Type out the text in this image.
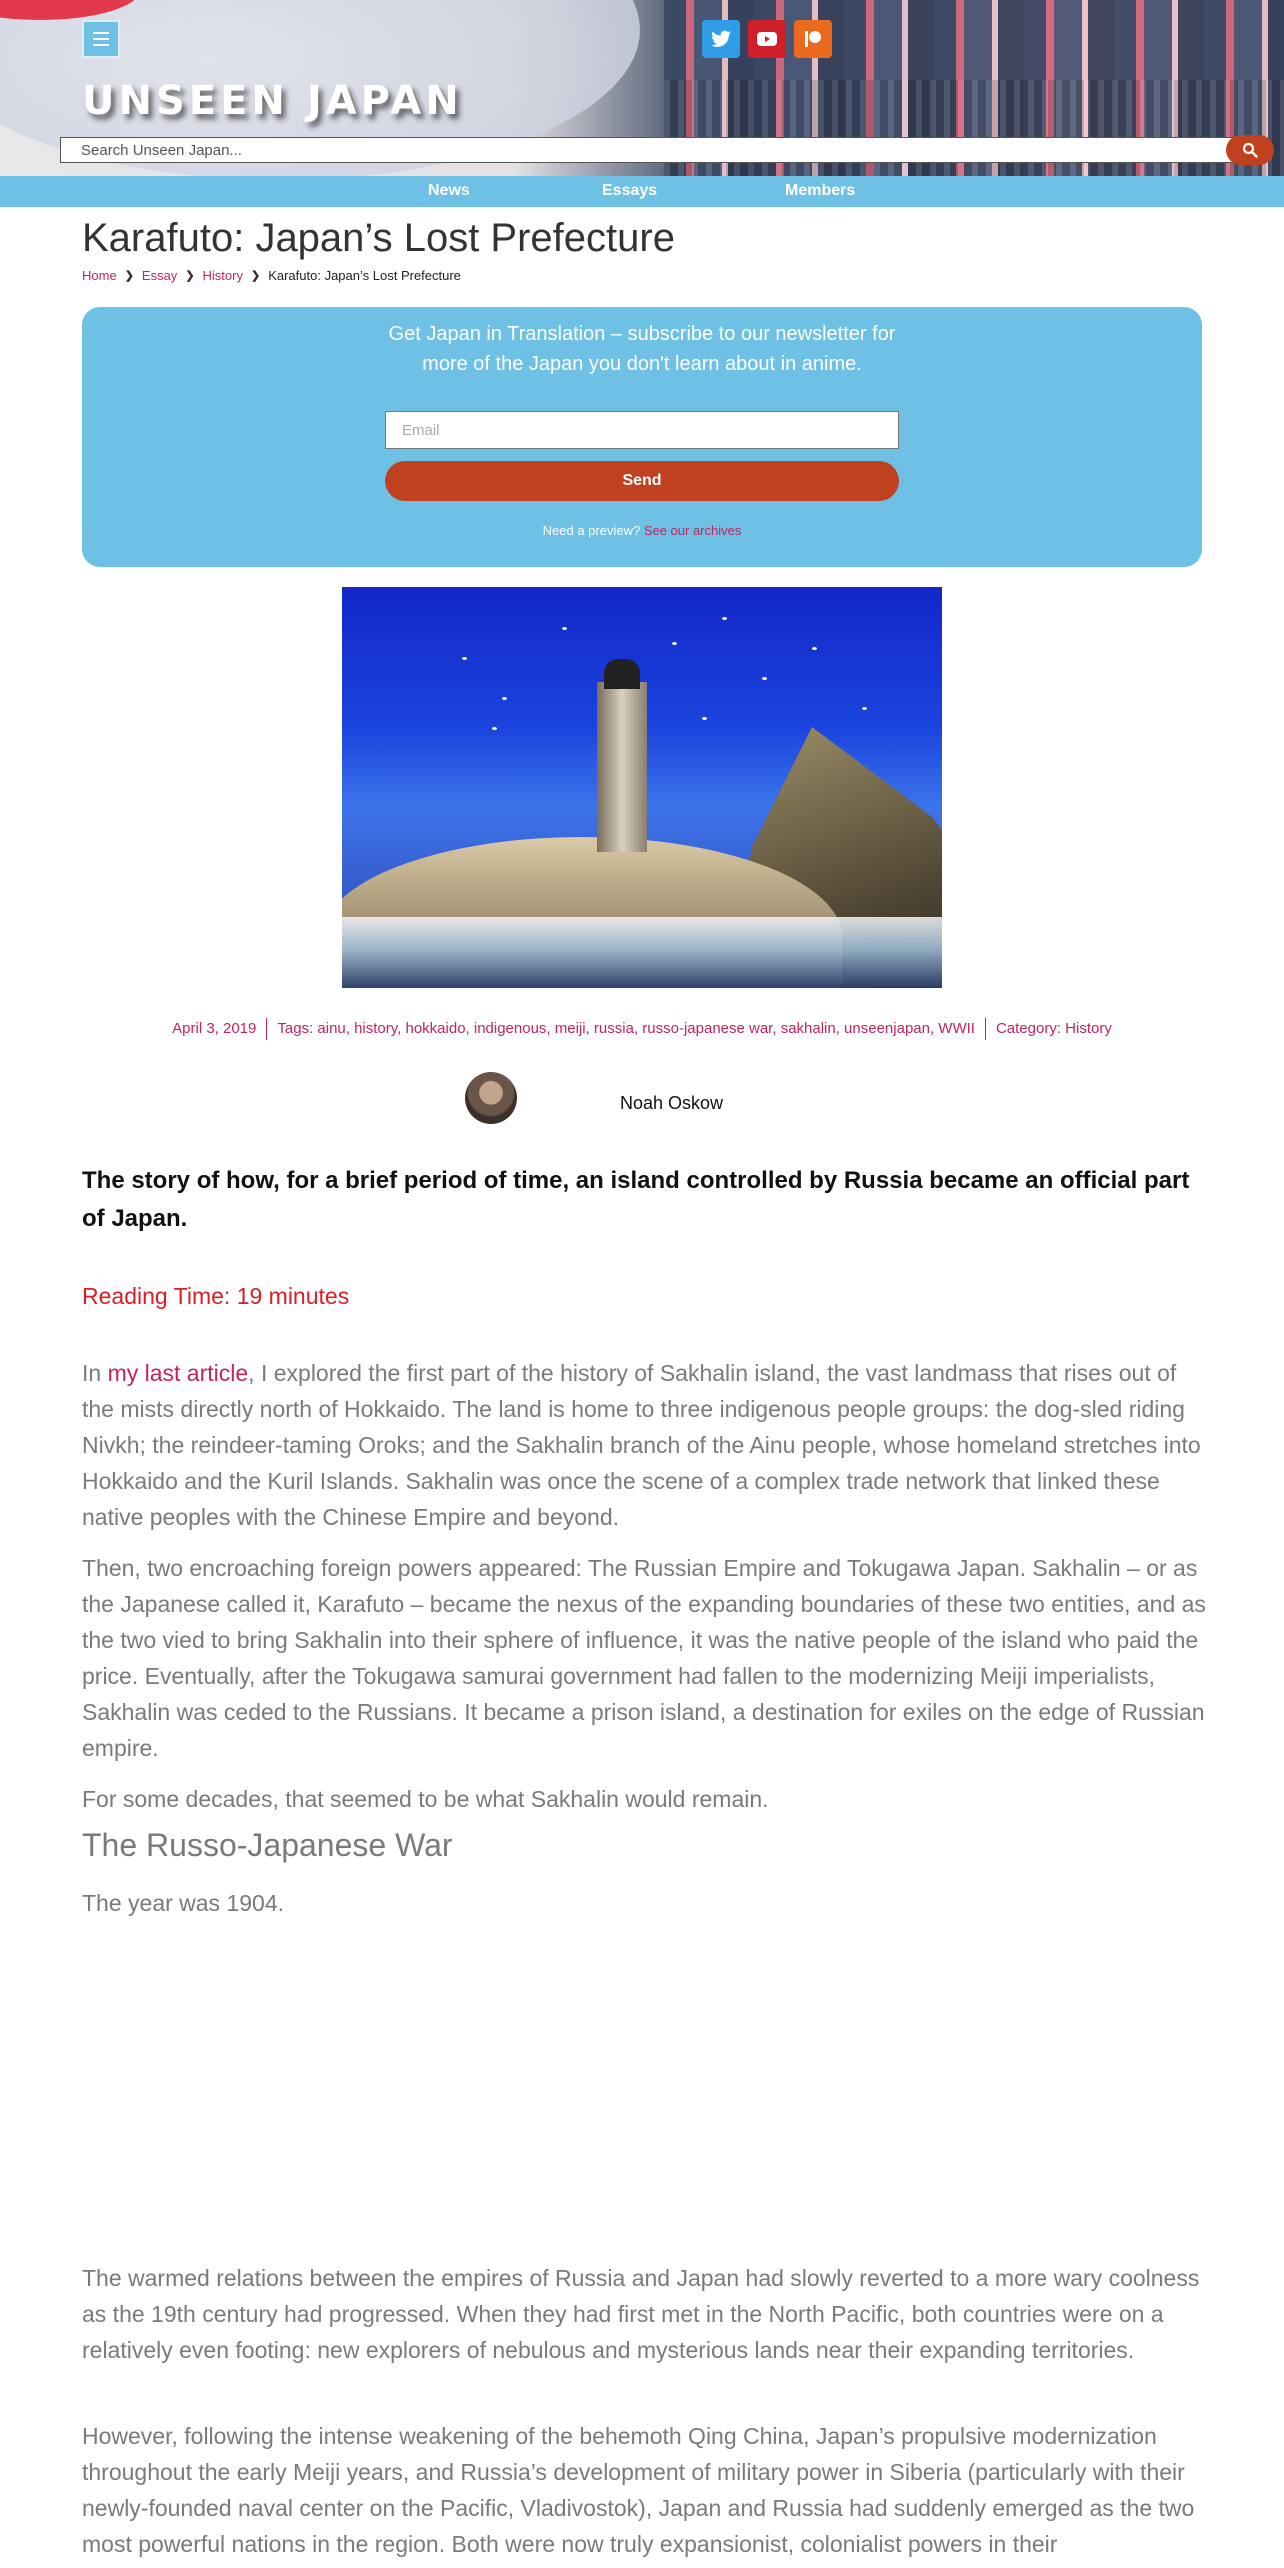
UNSEEN JAPAN
Search Unseen Japan...
News	Essays	Members
Karafuto: Japan’s Lost Prefecture
Home ❯ Essay ❯ History ❯ Karafuto: Japan’s Lost Prefecture
Get Japan in Translation – subscribe to our newsletter for more of the Japan you don't learn about in anime.
Email
Send
Need a preview? See our archives
April 3, 2019 Tags: ainu, history, hokkaido, indigenous, meiji, russia, russo-japanese war, sakhalin, unseenjapan, WWII Category: History
Noah Oskow
The story of how, for a brief period of time, an island controlled by Russia became an official part of Japan.
Reading Time: 19 minutes

In my last article, I explored the first part of the history of Sakhalin island, the vast landmass that rises out of the mists directly north of Hokkaido. The land is home to three indigenous people groups: the dog-sled riding Nivkh; the reindeer-taming Oroks; and the Sakhalin branch of the Ainu people, whose homeland stretches into Hokkaido and the Kuril Islands. Sakhalin was once the scene of a complex trade network that linked these native peoples with the Chinese Empire and beyond.

Then, two encroaching foreign powers appeared: The Russian Empire and Tokugawa Japan. Sakhalin – or as the Japanese called it, Karafuto – became the nexus of the expanding boundaries of these two entities, and as the two vied to bring Sakhalin into their sphere of influence, it was the native people of the island who paid the price. Eventually, after the Tokugawa samurai government had fallen to the modernizing Meiji imperialists, Sakhalin was ceded to the Russians. It became a prison island, a destination for exiles on the edge of Russian empire.

For some decades, that seemed to be what Sakhalin would remain.

The Russo-Japanese War

The year was 1904.

The warmed relations between the empires of Russia and Japan had slowly reverted to a more wary coolness as the 19th century had progressed. When they had first met in the North Pacific, both countries were on a relatively even footing: new explorers of nebulous and mysterious lands near their expanding territories.

However, following the intense weakening of the behemoth Qing China, Japan’s propulsive modernization throughout the early Meiji years, and Russia’s development of military power in Siberia (particularly with their newly-founded naval center on the Pacific, Vladivostok), Japan and Russia had suddenly emerged as the two most powerful nations in the region. Both were now truly expansionist, colonialist powers in their
